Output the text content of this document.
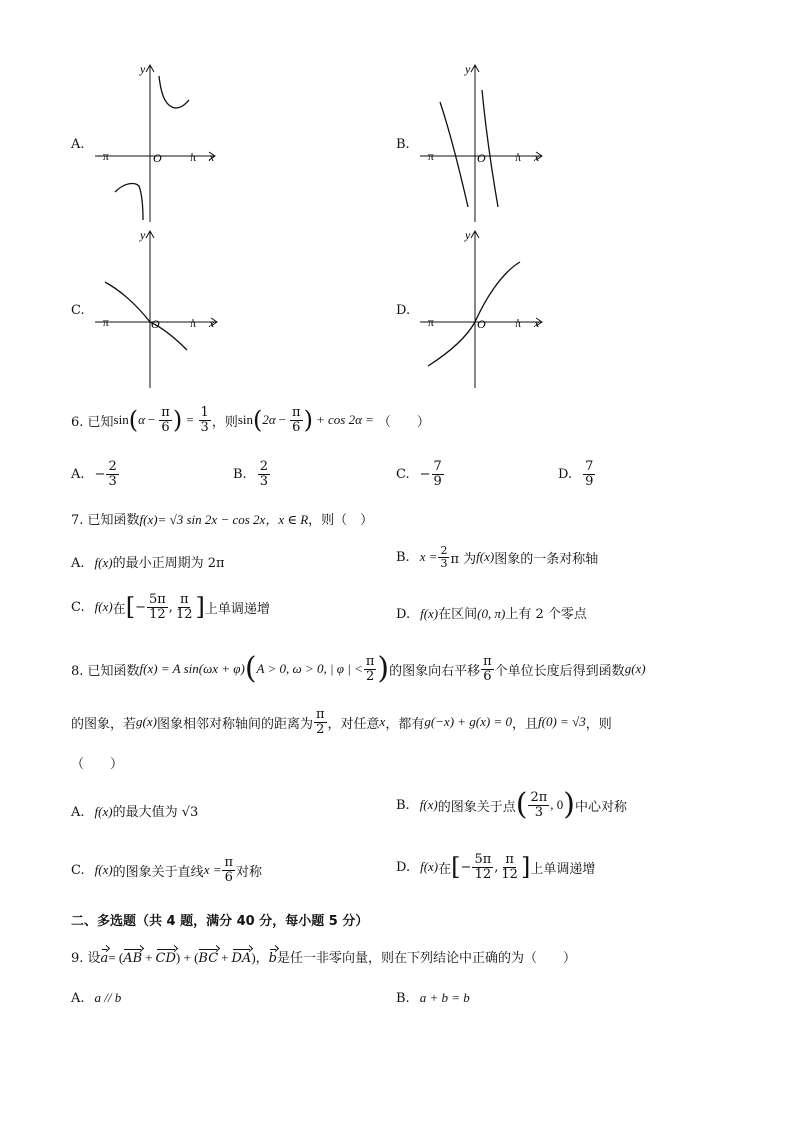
A.
−π	O π x
y
B.
−π	O π x
y
C.
−π	O	π x
y
D.
−π	O π x
y
6. 已知 sin ( $\alpha - \frac{\pi}{6}$ ) = $\frac{1}{3}$ ，则 sin ( $2\alpha - \frac{\pi}{6}$ ) + cos 2α = （　　）
A. − $\frac{2}{3}$	B. $\frac{2}{3}$	C. − $\frac{7}{9}$	D. $\frac{7}{9}$
7. 已知函数f(x)= √3 sin 2x − cos 2x，x ∈ R，则（　）
A. f(x)的最小正周期为 2π	B. $x = \frac{2}{3}$ π 为 f(x) 图象的一条对称轴
C. f(x) 在 [ − $\frac{5\pi}{12}$ , $\frac{\pi}{12}$ ] 上单调递增	D. f(x)在区间(0, π)上有 2 个零点
8. 已知函数 f(x) = A sin(ωx + φ) ( A > 0, ω > 0, | φ | < $\frac{\pi}{2}$ ) 的图象向右平移 $\frac{\pi}{6}$ 个单位长度后得到函数 g(x)
的图象，若 g(x) 图象相邻对称轴间的距离为 $\frac{\pi}{2}$ ，对任意 x ，都有 g(−x) + g(x) = 0 ，且 f(0) = √3 ，则
（　　）
A. f(x)的最大值为 √3	B. f(x) 的图象关于点 ( $\frac{2\pi}{3}$ , 0 ) 中心对称
C. f(x) 的图象关于直线 $x = \frac{\pi}{6}$ 对称	D. f(x) 在 [ − $\frac{5\pi}{12}$ , $\frac{\pi}{12}$ ] 上单调递增
二、多选题（共 4 题，满分 40 分，每小题 5 分）
9. 设a= (AB + CD) + (BC + DA)，b是任一非零向量，则在下列结论中正确的为（　　）
A. a // b	B. a + b = b
